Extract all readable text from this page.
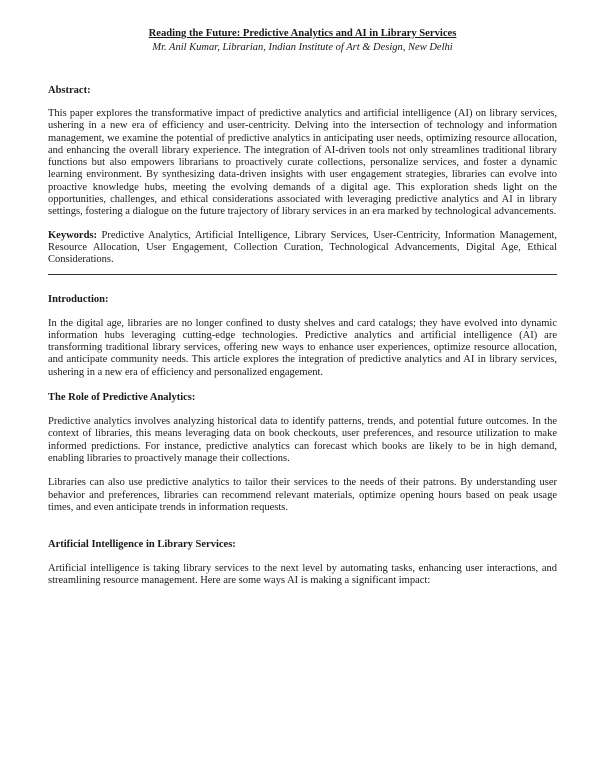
Reading the Future: Predictive Analytics and AI in Library Services

Mr. Anil Kumar, Librarian, Indian Institute of Art & Design, New Delhi

Abstract:

This paper explores the transformative impact of predictive analytics and artificial intelligence (AI) on library services, ushering in a new era of efficiency and user-centricity. Delving into the intersection of technology and information management, we examine the potential of predictive analytics in anticipating user needs, optimizing resource allocation, and enhancing the overall library experience. The integration of AI-driven tools not only streamlines traditional library functions but also empowers librarians to proactively curate collections, personalize services, and foster a dynamic learning environment. By synthesizing data-driven insights with user engagement strategies, libraries can evolve into proactive knowledge hubs, meeting the evolving demands of a digital age. This exploration sheds light on the opportunities, challenges, and ethical considerations associated with leveraging predictive analytics and AI in library settings, fostering a dialogue on the future trajectory of library services in an era marked by technological advancements.

Keywords: Predictive Analytics, Artificial Intelligence, Library Services, User-Centricity, Information Management, Resource Allocation, User Engagement, Collection Curation, Technological Advancements, Digital Age, Ethical Considerations.

Introduction:

In the digital age, libraries are no longer confined to dusty shelves and card catalogs; they have evolved into dynamic information hubs leveraging cutting-edge technologies. Predictive analytics and artificial intelligence (AI) are transforming traditional library services, offering new ways to enhance user experiences, optimize resource allocation, and anticipate community needs. This article explores the integration of predictive analytics and AI in library services, ushering in a new era of efficiency and personalized engagement.

The Role of Predictive Analytics:

Predictive analytics involves analyzing historical data to identify patterns, trends, and potential future outcomes. In the context of libraries, this means leveraging data on book checkouts, user preferences, and resource utilization to make informed predictions. For instance, predictive analytics can forecast which books are likely to be in high demand, enabling libraries to proactively manage their collections.

Libraries can also use predictive analytics to tailor their services to the needs of their patrons. By understanding user behavior and preferences, libraries can recommend relevant materials, optimize opening hours based on peak usage times, and even anticipate trends in information requests.

Artificial Intelligence in Library Services:

Artificial intelligence is taking library services to the next level by automating tasks, enhancing user interactions, and streamlining resource management. Here are some ways AI is making a significant impact:
